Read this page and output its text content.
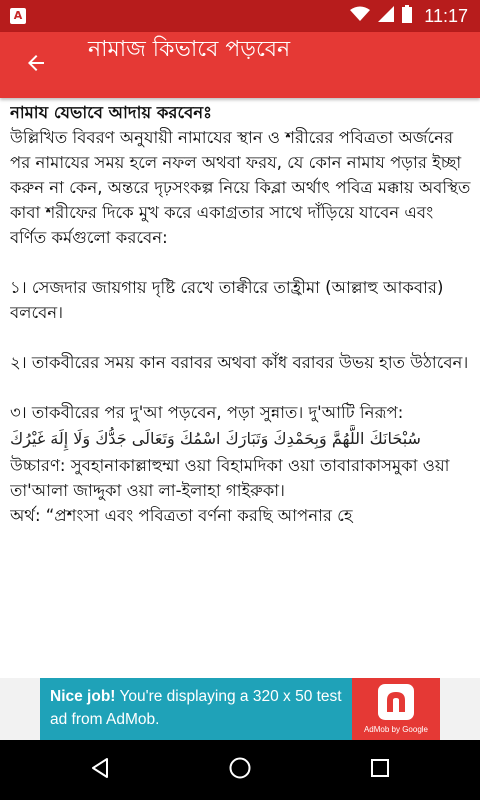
A	11:17
নামাজ কিভাবে পড়বেন

নামায যেভাবে আদায় করবেনঃ

উল্লিখিত বিবরণ অনুযায়ী নামাযের স্থান ও শরীরের পবিত্রতা অর্জনের পর নামাযের সময় হলে নফল অথবা ফরয, যে কোন নামায পড়ার ইচ্ছা করুন না কেন, অন্তরে দৃঢ়সংকল্প নিয়ে কিব্লা অর্থাৎ পবিত্র মক্কায় অবস্থিত কাবা শরীফের দিকে মুখ করে একাগ্রতার সাথে দাঁড়িয়ে যাবেন এবং বর্ণিত কর্মগুলো করবেন:

১। সেজদার জায়গায় দৃষ্টি রেখে তাক্বীরে তাহ্রীমা (আল্লাহু আকবার) বলবেন।

২। তাকবীরের সময় কান বরাবর অথবা কাঁধ বরাবর উভয় হাত উঠাবেন।

৩। তাকবীরের পর দু'আ পড়বেন, পড়া সুন্নাত। দু'আটি নিরূপ:

سُبْحَانَكَ اللَّهُمَّ وَبِحَمْدِكَ وَتَبَارَكَ اسْمُكَ وَتَعَالَى جَدُّكَ وَلَا إِلَهَ غَيْرُكَ

উচ্চারণ: সুবহানাকাল্লাহুম্মা ওয়া বিহামদিকা ওয়া তাবারাকাসমুকা ওয়া তা'আলা জাদ্দুকা ওয়া লা-ইলাহা গাইরুকা।

অর্থ: “প্রশংসা এবং পবিত্রতা বর্ণনা করছি আপনার হে

Nice job! You're displaying a 320 x 50 test ad from AdMob.
AdMob by Google
